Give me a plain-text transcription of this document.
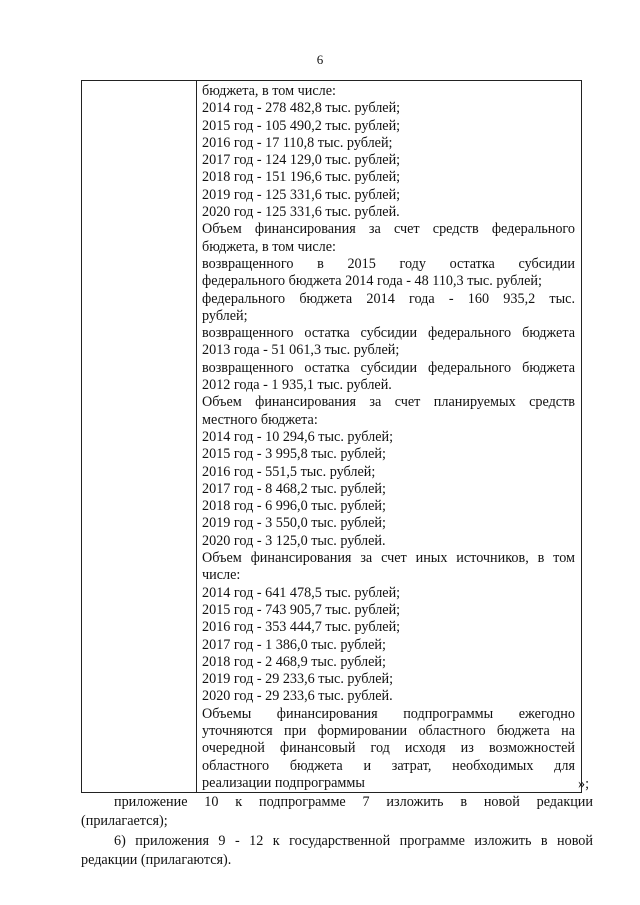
6
бюджета, в том числе:
2014 год - 278 482,8 тыс. рублей;
2015 год - 105 490,2 тыс. рублей;
2016 год - 17 110,8 тыс. рублей;
2017 год - 124 129,0 тыс. рублей;
2018 год - 151 196,6 тыс. рублей;
2019 год - 125 331,6 тыс. рублей;
2020 год - 125 331,6 тыс. рублей.
Объем финансирования за счет средств федерального
бюджета, в том числе:
возвращенного в 2015 году остатка субсидии
федерального бюджета 2014 года - 48 110,3 тыс. рублей;
федерального бюджета 2014 года - 160 935,2 тыс.
рублей;
возвращенного остатка субсидии федерального бюджета
2013 года - 51 061,3 тыс. рублей;
возвращенного остатка субсидии федерального бюджета
2012 года - 1 935,1 тыс. рублей.
Объем финансирования за счет планируемых средств
местного бюджета:
2014 год - 10 294,6 тыс. рублей;
2015 год - 3 995,8 тыс. рублей;
2016 год - 551,5 тыс. рублей;
2017 год - 8 468,2 тыс. рублей;
2018 год - 6 996,0 тыс. рублей;
2019 год - 3 550,0 тыс. рублей;
2020 год - 3 125,0 тыс. рублей.
Объем финансирования за счет иных источников, в том
числе:
2014 год - 641 478,5 тыс. рублей;
2015 год - 743 905,7 тыс. рублей;
2016 год - 353 444,7 тыс. рублей;
2017 год - 1 386,0 тыс. рублей;
2018 год - 2 468,9 тыс. рублей;
2019 год - 29 233,6 тыс. рублей;
2020 год - 29 233,6 тыс. рублей.
Объемы финансирования подпрограммы ежегодно
уточняются при формировании областного бюджета на
очередной финансовый год исходя из возможностей
областного бюджета и затрат, необходимых для
реализации подпрограммы	»;
приложение 10 к подпрограмме 7 изложить в новой редакции
(прилагается);
6) приложения 9 - 12 к государственной программе изложить в новой
редакции (прилагаются).
